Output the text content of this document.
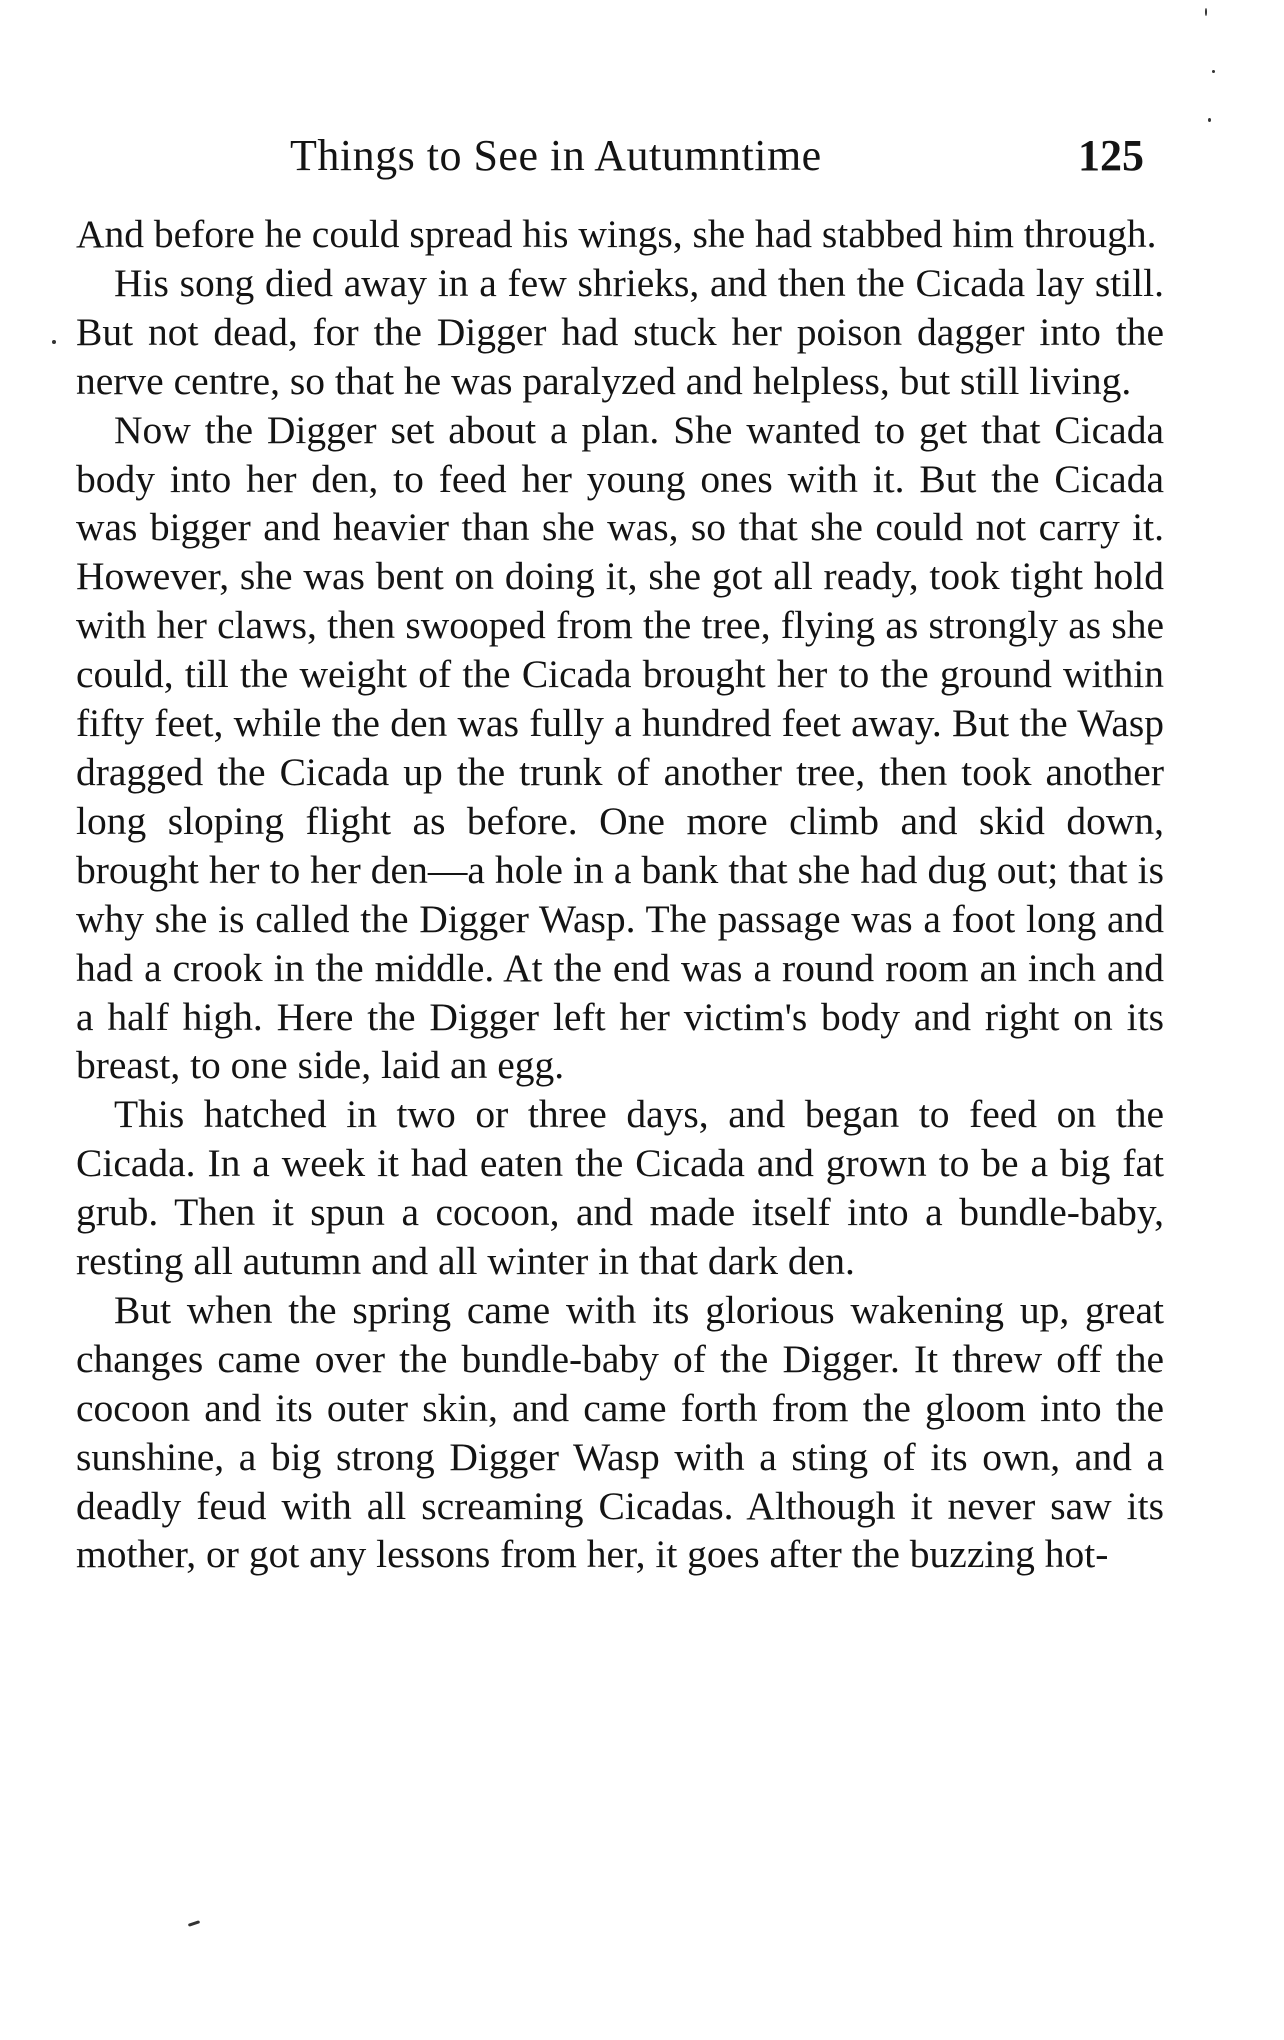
Things to See in Autumntime	125

And before he could spread his wings, she had stabbed him through.

His song died away in a few shrieks, and then the Cicada lay still. But not dead, for the Digger had stuck her poison dagger into the nerve centre, so that he was paralyzed and helpless, but still living.

Now the Digger set about a plan. She wanted to get that Cicada body into her den, to feed her young ones with it. But the Cicada was bigger and heavier than she was, so that she could not carry it. However, she was bent on doing it, she got all ready, took tight hold with her claws, then swooped from the tree, flying as strongly as she could, till the weight of the Cicada brought her to the ground within fifty feet, while the den was fully a hundred feet away. But the Wasp dragged the Cicada up the trunk of another tree, then took another long sloping flight as before. One more climb and skid down, brought her to her den—a hole in a bank that she had dug out; that is why she is called the Digger Wasp. The passage was a foot long and had a crook in the middle. At the end was a round room an inch and a half high. Here the Digger left her victim's body and right on its breast, to one side, laid an egg.

This hatched in two or three days, and began to feed on the Cicada. In a week it had eaten the Cicada and grown to be a big fat grub. Then it spun a cocoon, and made itself into a bundle-baby, resting all autumn and all winter in that dark den.

But when the spring came with its glorious wakening up, great changes came over the bundle-baby of the Digger. It threw off the cocoon and its outer skin, and came forth from the gloom into the sunshine, a big strong Digger Wasp with a sting of its own, and a deadly feud with all screaming Cicadas. Although it never saw its mother, or got any lessons from her, it goes after the buzzing hot-
